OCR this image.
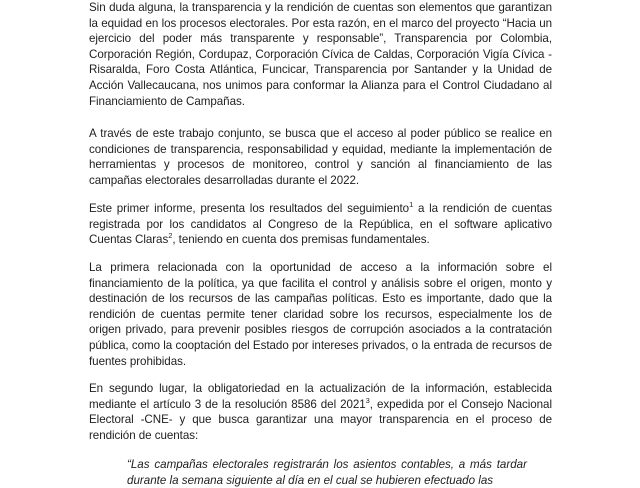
Sin duda alguna, la transparencia y la rendición de cuentas son elementos que garantizan la equidad en los procesos electorales. Por esta razón, en el marco del proyecto “Hacia un ejercicio del poder más transparente y responsable”, Transparencia por Colombia, Corporación Región, Cordupaz, Corporación Cívica de Caldas, Corporación Vigía Cívica - Risaralda, Foro Costa Atlántica, Funcicar, Transparencia por Santander y la Unidad de Acción Vallecaucana, nos unimos para conformar la Alianza para el Control Ciudadano al Financiamiento de Campañas.

A través de este trabajo conjunto, se busca que el acceso al poder público se realice en condiciones de transparencia, responsabilidad y equidad, mediante la implementación de herramientas y procesos de monitoreo, control y sanción al financiamiento de las campañas electorales desarrolladas durante el 2022.

Este primer informe, presenta los resultados del seguimiento$^1$ a la rendición de cuentas registrada por los candidatos al Congreso de la República, en el software aplicativo Cuentas Claras$^2$, teniendo en cuenta dos premisas fundamentales.

La primera relacionada con la oportunidad de acceso a la información sobre el financiamiento de la política, ya que facilita el control y análisis sobre el origen, monto y destinación de los recursos de las campañas políticas. Esto es importante, dado que la rendición de cuentas permite tener claridad sobre los recursos, especialmente los de origen privado, para prevenir posibles riesgos de corrupción asociados a la contratación pública, como la cooptación del Estado por intereses privados, o la entrada de recursos de fuentes prohibidas.

En segundo lugar, la obligatoriedad en la actualización de la información, establecida mediante el artículo 3 de la resolución 8586 del 2021$^3$, expedida por el Consejo Nacional Electoral -CNE- y que busca garantizar una mayor transparencia en el proceso de rendición de cuentas:

“Las campañas electorales registrarán los asientos contables, a más tardar durante la semana siguiente al día en el cual se hubieren efectuado las
